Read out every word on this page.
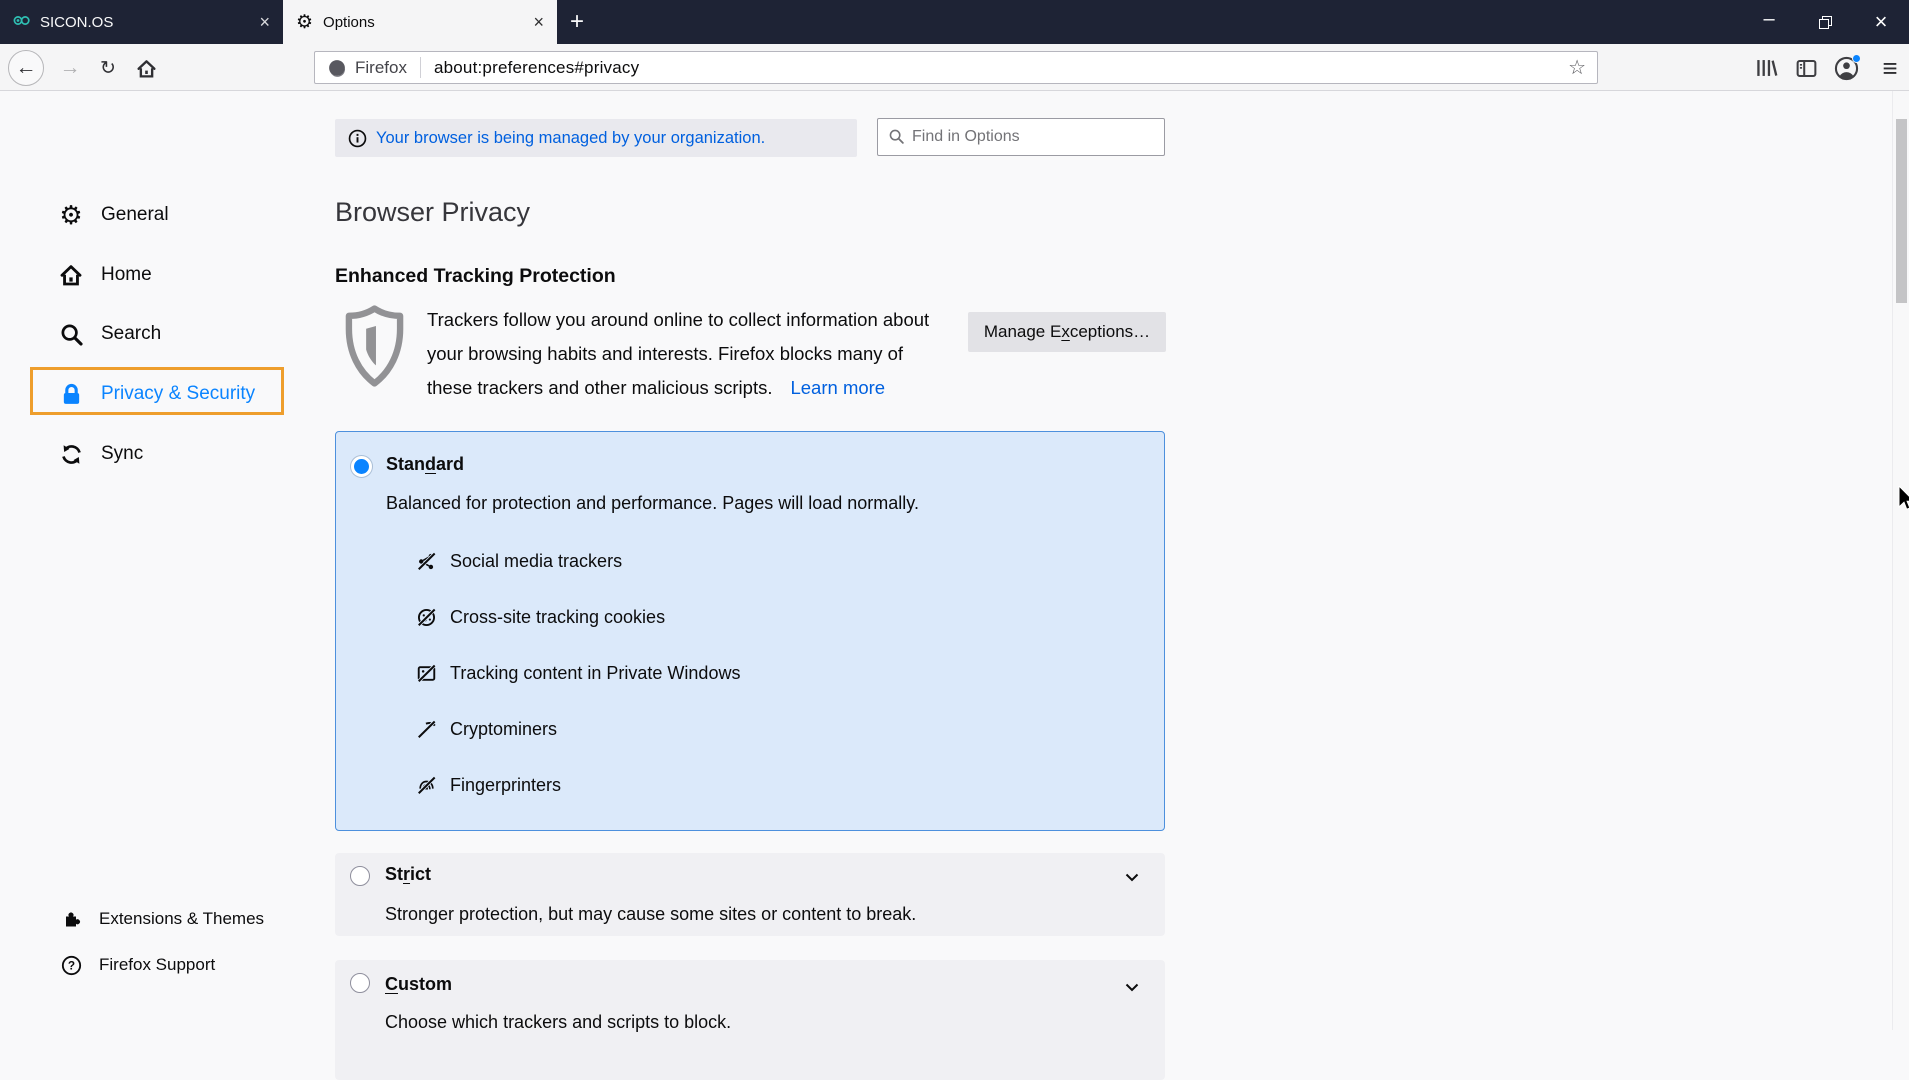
SICON.OS	× ⚙ Options	×	+	–	×
←	→	↻	Firefox	about:preferences#privacy	☆	≡
⚙ General
Home
Search
Privacy & Security
Sync
Extensions & Themes
? Firefox Support
Your browser is being managed by your organization.
Find in Options
Browser Privacy
Enhanced Tracking Protection
Trackers follow you around online to collect information about
your browsing habits and interests. Firefox blocks many of
these trackers and other malicious scripts. Learn more
Manage Exceptions…
Standard
Balanced for protection and performance. Pages will load normally.
Social media trackers
Cross-site tracking cookies
Tracking content in Private Windows
Cryptominers
Fingerprinters
Strict
Stronger protection, but may cause some sites or content to break.
Custom
Choose which trackers and scripts to block.
